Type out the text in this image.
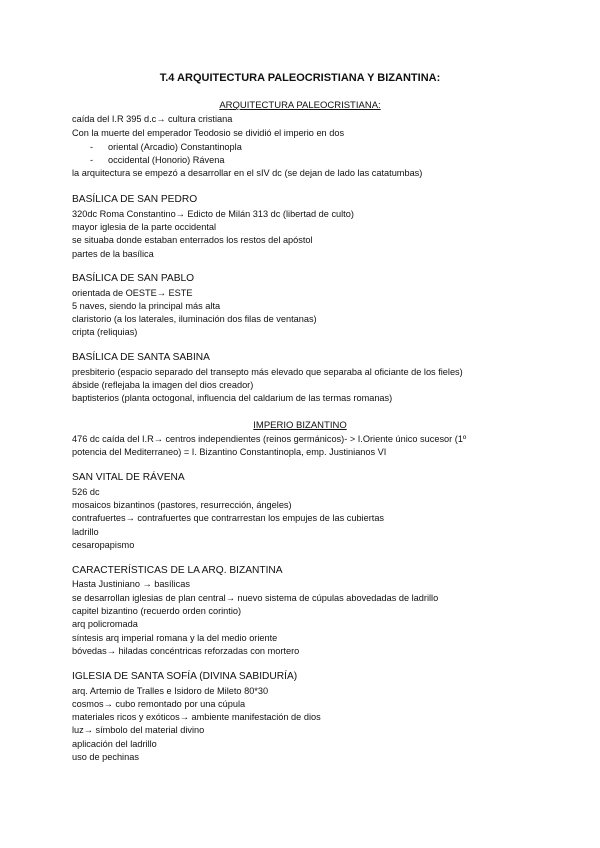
T.4 ARQUITECTURA PALEOCRISTIANA Y BIZANTINA:
ARQUITECTURA PALEOCRISTIANA:
caída del I.R 395 d.c→ cultura cristiana
Con la muerte del emperador Teodosio se dividió el imperio en dos
- oriental (Arcadio) Constantinopla
- occidental (Honorio) Rávena
la arquitectura se empezó a desarrollar en el sIV dc (se dejan de lado las catatumbas)
BASÍLICA DE SAN PEDRO
320dc Roma Constantino→ Edicto de Milán 313 dc (libertad de culto)
mayor iglesia de la parte occidental
se situaba donde estaban enterrados los restos del apóstol
partes de la basílica
BASÍLICA DE SAN PABLO
orientada de OESTE→ ESTE
5 naves, siendo la principal más alta
claristorio (a los laterales, iluminación dos filas de ventanas)
cripta (reliquias)
BASÍLICA DE SANTA SABINA
presbiterio (espacio separado del transepto más elevado que separaba al oficiante de los fieles)
ábside (reflejaba la imagen del dios creador)
baptisterios (planta octogonal, influencia del caldarium de las termas romanas)
IMPERIO BIZANTINO
476 dc caída del I.R→ centros independientes (reinos germánicos)- > I.Oriente único sucesor (1º
potencia del Mediterraneo) = I. Bizantino Constantinopla, emp. Justinianos VI
SAN VITAL DE RÁVENA
526 dc
mosaicos bizantinos (pastores, resurrección, ángeles)
contrafuertes→ contrafuertes que contrarrestan los empujes de las cubiertas
ladrillo
cesaropapismo
CARACTERÍSTICAS DE LA ARQ. BIZANTINA
Hasta Justiniano → basílicas
se desarrollan iglesias de plan central→ nuevo sistema de cúpulas abovedadas de ladrillo
capitel bizantino (recuerdo orden corintio)
arq policromada
síntesis arq imperial romana y la del medio oriente
bóvedas→ hiladas concéntricas reforzadas con mortero
IGLESIA DE SANTA SOFÍA (DIVINA SABIDURÍA)
arq. Artemio de Tralles e Isidoro de Mileto 80*30
cosmos→ cubo remontado por una cúpula
materiales ricos y exóticos→ ambiente manifestación de dios
luz→ símbolo del material divino
aplicación del ladrillo
uso de pechinas
